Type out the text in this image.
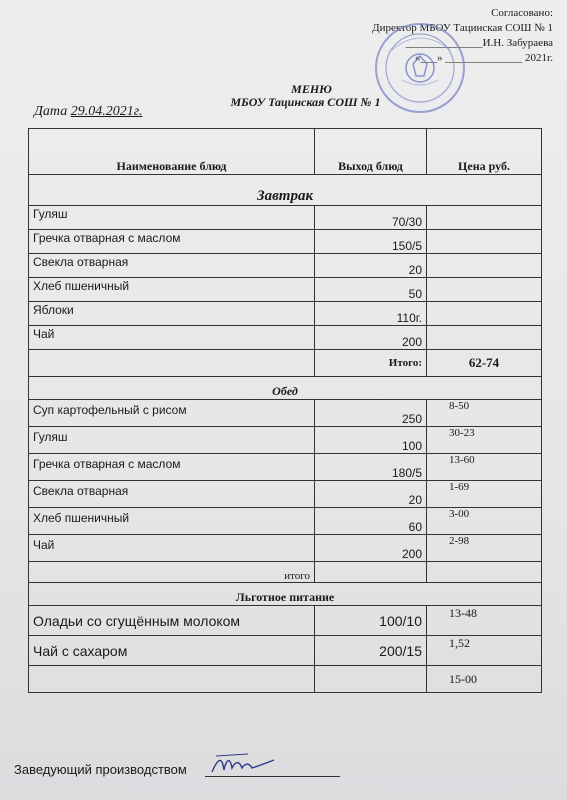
Согласовано:
Директор МБОУ Тацинская СОШ № 1
______________И.Н. Забураева
«___» ______________ 2021г.
МЕНЮ
МБОУ Тацинская СОШ № 1
Дата 29.04.2021г.
Наименование блюд	Выход блюд	Цена руб.
Завтрак		
Гуляш	70/30	
Гречка отварная с маслом	150/5	
Свекла отварная	20	
Хлеб пшеничный	50	
Яблоки	110г.	
Чай	200	
	Итого:	62-74
Обед		
Суп картофельный с рисом	250	8-50
Гуляш	100	30-23
Гречка отварная с маслом	180/5	13-60
Свекла отварная	20	1-69
Хлеб пшеничный	60	3-00
Чай	200	2-98
итого		
Льготное питание		
Оладьи со сгущённым молоком	100/10	13-48
Чай с сахаром	200/15	1,52
		15-00
Заведующий производством
